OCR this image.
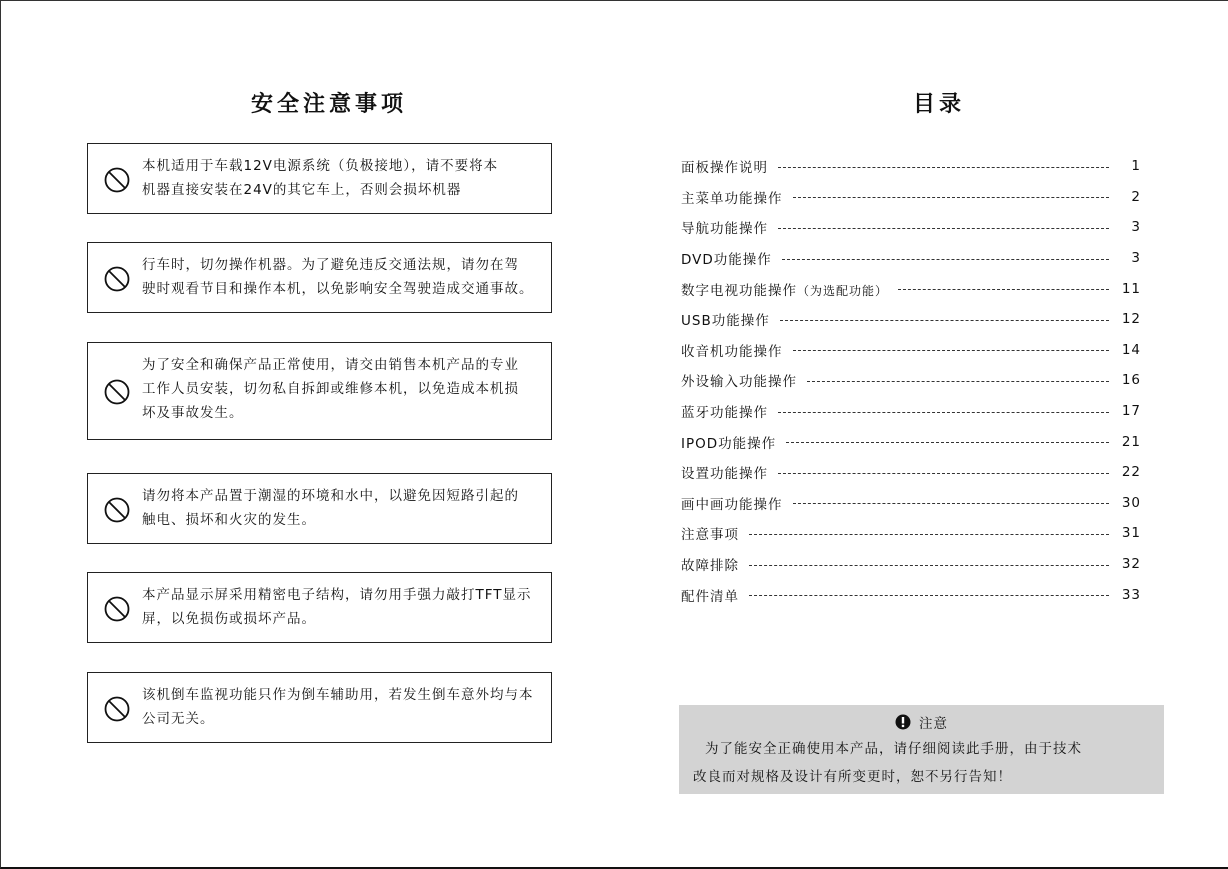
安全注意事项	目录
本机适用于车载12V电源系统（负极接地），请不要将本
机器直接安装在24V的其它车上，否则会损坏机器
行车时，切勿操作机器。为了避免违反交通法规，请勿在驾
驶时观看节目和操作本机，以免影响安全驾驶造成交通事故。
为了安全和确保产品正常使用，请交由销售本机产品的专业
工作人员安装，切勿私自拆卸或维修本机，以免造成本机损
坏及事故发生。
请勿将本产品置于潮湿的环境和水中，以避免因短路引起的
触电、损坏和火灾的发生。
本产品显示屏采用精密电子结构，请勿用手强力敲打TFT显示
屏，以免损伤或损坏产品。
该机倒车监视功能只作为倒车辅助用，若发生倒车意外均与本
公司无关。
面板操作说明	1
主菜单功能操作	2
导航功能操作	3
DVD功能操作	3
数字电视功能操作（为选配功能）	11
USB功能操作	12
收音机功能操作	14
外设输入功能操作	16
蓝牙功能操作	17
IPOD功能操作	21
设置功能操作	22
画中画功能操作	30
注意事项	31
故障排除	32
配件清单	33
注意
为了能安全正确使用本产品，请仔细阅读此手册，由于技术
改良而对规格及设计有所变更时，恕不另行告知！
